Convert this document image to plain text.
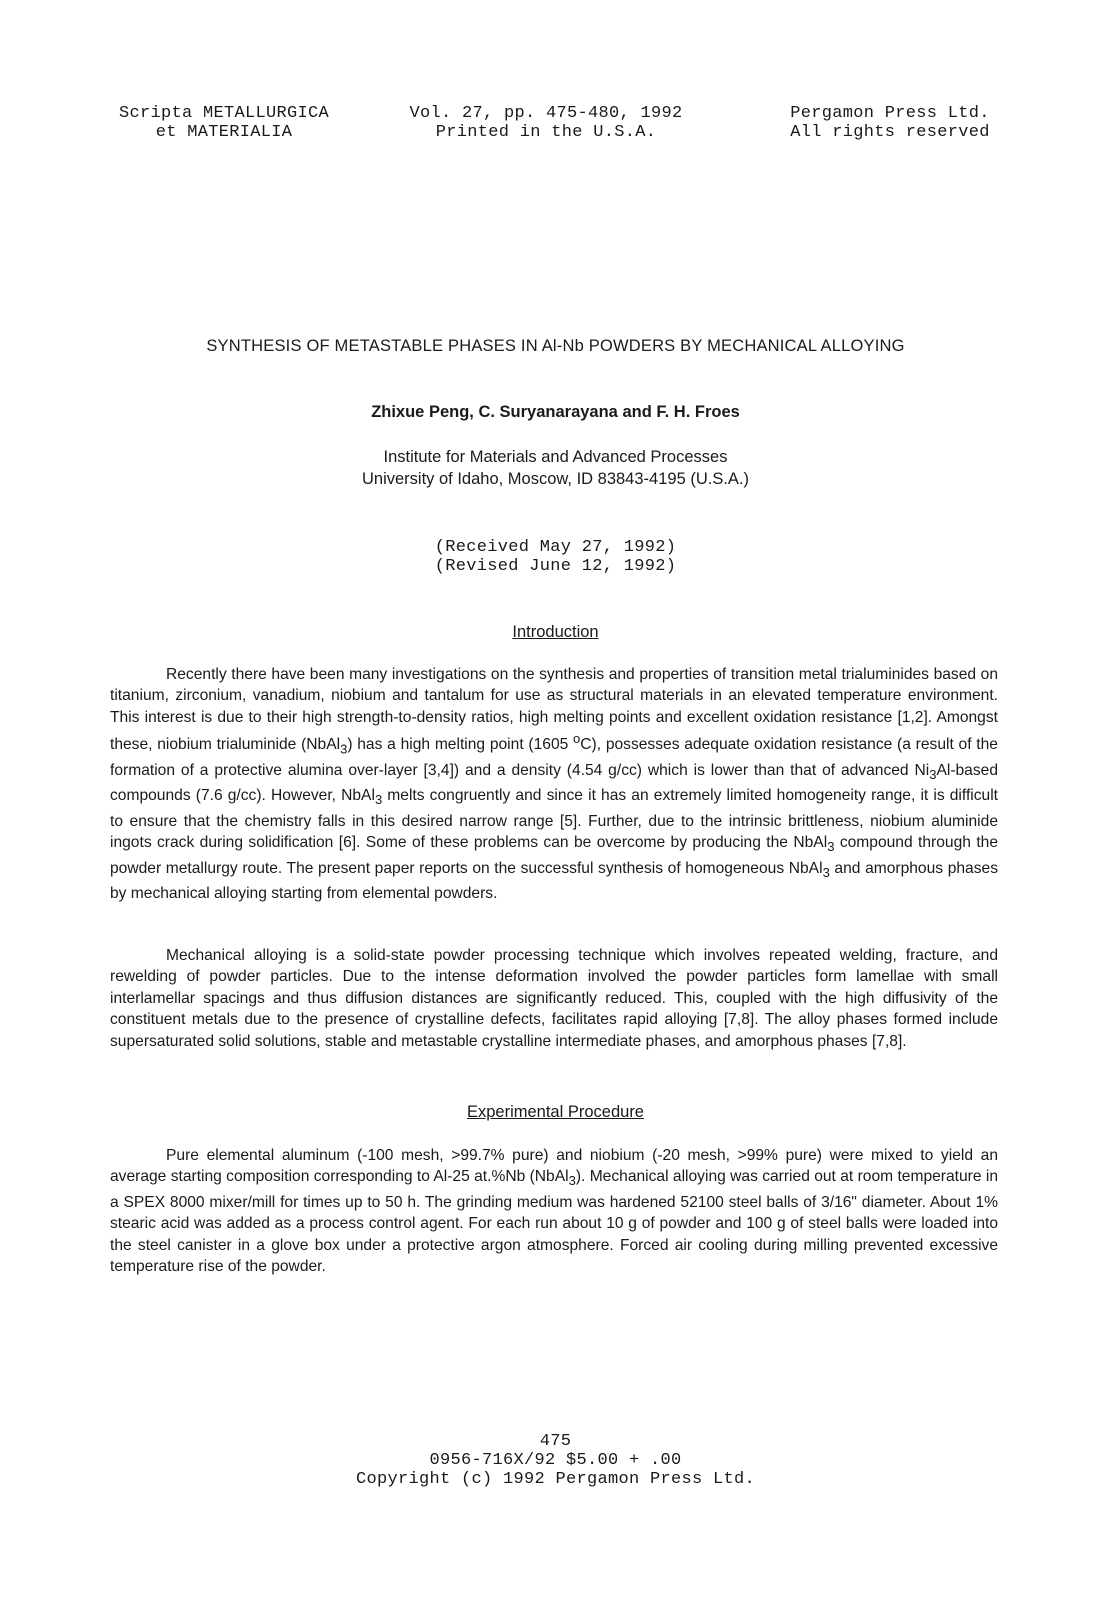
Scripta METALLURGICA
et MATERIALIA
Vol. 27, pp. 475-480, 1992
Printed in the U.S.A.
Pergamon Press Ltd.
All rights reserved
SYNTHESIS OF METASTABLE PHASES IN Al-Nb POWDERS BY MECHANICAL ALLOYING
Zhixue Peng, C. Suryanarayana and F. H. Froes
Institute for Materials and Advanced Processes
University of Idaho, Moscow, ID 83843-4195 (U.S.A.)
(Received May 27, 1992)
(Revised June 12, 1992)
Introduction

Recently there have been many investigations on the synthesis and properties of transition metal trialuminides based on titanium, zirconium, vanadium, niobium and tantalum for use as structural materials in an elevated temperature environment. This interest is due to their high strength-to-density ratios, high melting points and excellent oxidation resistance [1,2]. Amongst these, niobium trialuminide (NbAl$_3$) has a high melting point (1605 $^o$C), possesses adequate oxidation resistance (a result of the formation of a protective alumina over-layer [3,4]) and a density (4.54 g/cc) which is lower than that of advanced $Ni_3Al$-based compounds (7.6 g/cc). However, NbAl$_3$ melts congruently and since it has an extremely limited homogeneity range, it is difficult to ensure that the chemistry falls in this desired narrow range [5]. Further, due to the intrinsic brittleness, niobium aluminide ingots crack during solidification [6]. Some of these problems can be overcome by producing the NbAl$_3$ compound through the powder metallurgy route. The present paper reports on the successful synthesis of homogeneous NbAl$_3$ and amorphous phases by mechanical alloying starting from elemental powders.

Mechanical alloying is a solid-state powder processing technique which involves repeated welding, fracture, and rewelding of powder particles. Due to the intense deformation involved the powder particles form lamellae with small interlamellar spacings and thus diffusion distances are significantly reduced. This, coupled with the high diffusivity of the constituent metals due to the presence of crystalline defects, facilitates rapid alloying [7,8]. The alloy phases formed include supersaturated solid solutions, stable and metastable crystalline intermediate phases, and amorphous phases [7,8].

Experimental Procedure

Pure elemental aluminum (-100 mesh, >99.7% pure) and niobium (-20 mesh, >99% pure) were mixed to yield an average starting composition corresponding to Al-25 at.%Nb (NbAl$_3$). Mechanical alloying was carried out at room temperature in a SPEX 8000 mixer/mill for times up to 50 h. The grinding medium was hardened 52100 steel balls of 3/16" diameter. About 1% stearic acid was added as a process control agent. For each run about 10 g of powder and 100 g of steel balls were loaded into the steel canister in a glove box under a protective argon atmosphere. Forced air cooling during milling prevented excessive temperature rise of the powder.

475
0956-716X/92 $5.00 + .00
Copyright (c) 1992 Pergamon Press Ltd.
